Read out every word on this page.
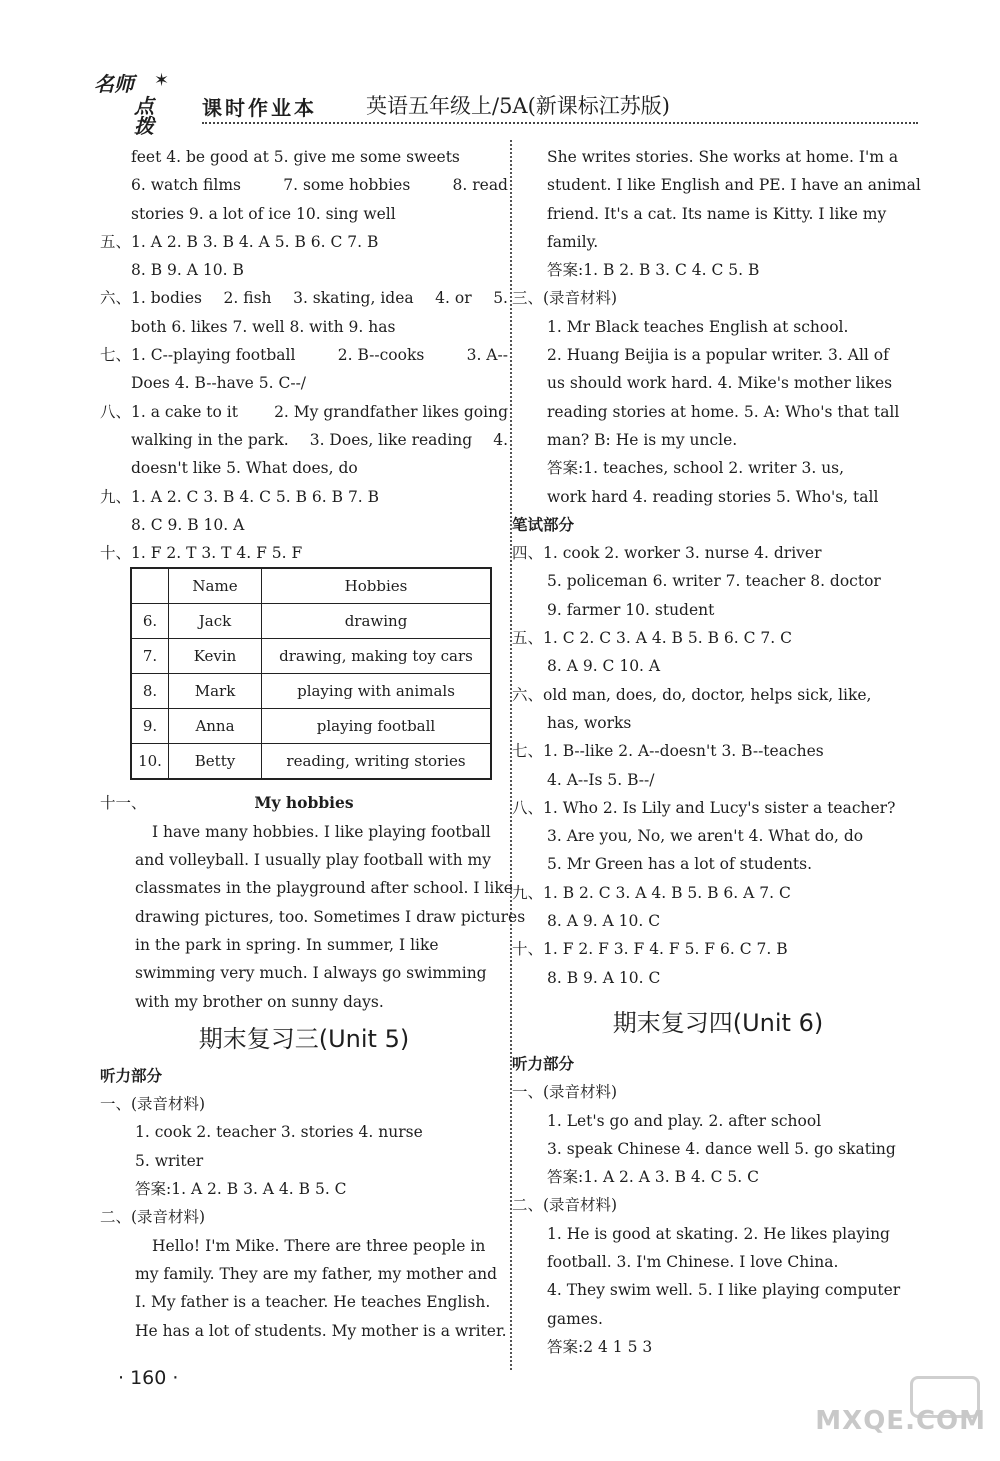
名师
点拨
✶
课时作业本 英语五年级上/5A(新课标江苏版)
feet 4. be good at 5. give me some sweets
6. watch films	7. some hobbies	8. read
stories 9. a lot of ice 10. sing well
五、1. A 2. B 3. B 4. A 5. B 6. C 7. B
8. B 9. A 10. B
六、1. bodies 2. fish 3. skating, idea 4. or 5.
both 6. likes 7. well 8. with 9. has
七、1. C--playing football	2. B--cooks	3. A--
Does 4. B--have 5. C--/
八、1. a cake to it 2. My grandfather likes going
walking in the park. 3. Does, like reading 4.
doesn't like 5. What does, do
九、1. A 2. C 3. B 4. C 5. B 6. B 7. B
8. C 9. B 10. A
十、1. F 2. T 3. T 4. F 5. F
	Name	Hobbies
6.	Jack	drawing
7.	Kevin	drawing, making toy cars
8.	Mark	playing with animals
9.	Anna	playing football
10.	Betty	reading, writing stories
十一、	My hobbies
I have many hobbies. I like playing football
and volleyball. I usually play football with my
classmates in the playground after school. I like
drawing pictures, too. Sometimes I draw pictures
in the park in spring. In summer, I like
swimming very much. I always go swimming
with my brother on sunny days.
期末复习三(Unit 5)
听力部分
一、(录音材料)
1. cook 2. teacher 3. stories 4. nurse
5. writer
答案:1. A 2. B 3. A 4. B 5. C
二、(录音材料)
Hello! I'm Mike. There are three people in
my family. They are my father, my mother and
I. My father is a teacher. He teaches English.
He has a lot of students. My mother is a writer.
She writes stories. She works at home. I'm a
student. I like English and PE. I have an animal
friend. It's a cat. Its name is Kitty. I like my
family.
答案:1. B 2. B 3. C 4. C 5. B
三、(录音材料)
1. Mr Black teaches English at school.
2. Huang Beijia is a popular writer. 3. All of
us should work hard. 4. Mike's mother likes
reading stories at home. 5. A: Who's that tall
man? B: He is my uncle.
答案:1. teaches, school 2. writer 3. us,
work hard 4. reading stories 5. Who's, tall
笔试部分
四、1. cook 2. worker 3. nurse 4. driver
5. policeman 6. writer 7. teacher 8. doctor
9. farmer 10. student
五、1. C 2. C 3. A 4. B 5. B 6. C 7. C
8. A 9. C 10. A
六、old man, does, do, doctor, helps sick, like,
has, works
七、1. B--like 2. A--doesn't 3. B--teaches
4. A--Is 5. B--/
八、1. Who 2. Is Lily and Lucy's sister a teacher?
3. Are you, No, we aren't 4. What do, do
5. Mr Green has a lot of students.
九、1. B 2. C 3. A 4. B 5. B 6. A 7. C
8. A 9. A 10. C
十、1. F 2. F 3. F 4. F 5. F 6. C 7. B
8. B 9. A 10. C
期末复习四(Unit 6)
听力部分
一、(录音材料)
1. Let's go and play. 2. after school
3. speak Chinese 4. dance well 5. go skating
答案:1. A 2. A 3. B 4. C 5. C
二、(录音材料)
1. He is good at skating. 2. He likes playing
football. 3. I'm Chinese. I love China.
4. They swim well. 5. I like playing computer
games.
答案:2 4 1 5 3
· 160 ·
MXQE.COM
